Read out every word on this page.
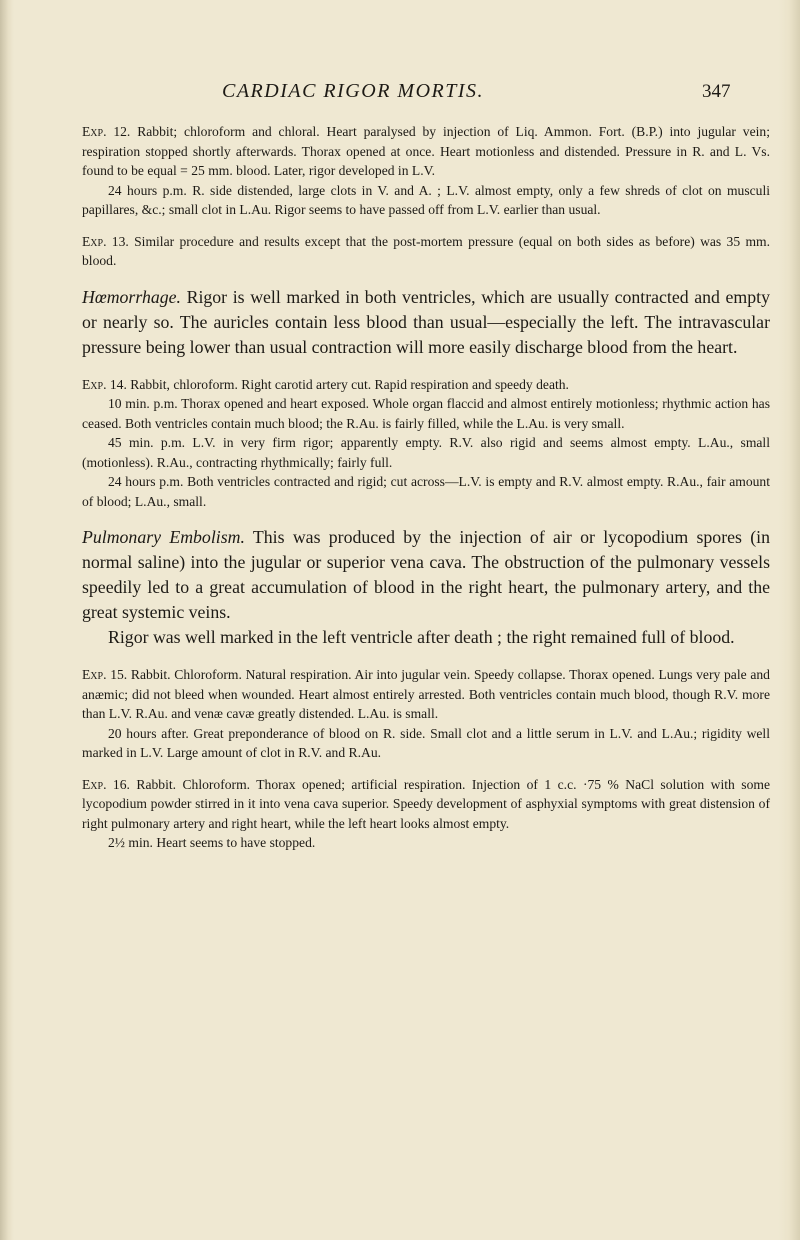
CARDIAC RIGOR MORTIS.	347

Exp. 12. Rabbit; chloroform and chloral. Heart paralysed by injection of Liq. Ammon. Fort. (B.P.) into jugular vein; respiration stopped shortly afterwards. Thorax opened at once. Heart motionless and distended. Pressure in R. and L. Vs. found to be equal = 25 mm. blood. Later, rigor developed in L.V.

24 hours p.m. R. side distended, large clots in V. and A. ; L.V. almost empty, only a few shreds of clot on musculi papillares, &c.; small clot in L.Au. Rigor seems to have passed off from L.V. earlier than usual.

Exp. 13. Similar procedure and results except that the post-mortem pressure (equal on both sides as before) was 35 mm. blood.

Hœmorrhage. Rigor is well marked in both ventricles, which are usually contracted and empty or nearly so. The auricles contain less blood than usual—especially the left. The intravascular pressure being lower than usual contraction will more easily discharge blood from the heart.

Exp. 14. Rabbit, chloroform. Right carotid artery cut. Rapid respiration and speedy death.

10 min. p.m. Thorax opened and heart exposed. Whole organ flaccid and almost entirely motionless; rhythmic action has ceased. Both ventricles contain much blood; the R.Au. is fairly filled, while the L.Au. is very small.

45 min. p.m. L.V. in very firm rigor; apparently empty. R.V. also rigid and seems almost empty. L.Au., small (motionless). R.Au., contracting rhythmically; fairly full.

24 hours p.m. Both ventricles contracted and rigid; cut across—L.V. is empty and R.V. almost empty. R.Au., fair amount of blood; L.Au., small.

Pulmonary Embolism. This was produced by the injection of air or lycopodium spores (in normal saline) into the jugular or superior vena cava. The obstruction of the pulmonary vessels speedily led to a great accumulation of blood in the right heart, the pulmonary artery, and the great systemic veins.

Rigor was well marked in the left ventricle after death ; the right remained full of blood.

Exp. 15. Rabbit. Chloroform. Natural respiration. Air into jugular vein. Speedy collapse. Thorax opened. Lungs very pale and anæmic; did not bleed when wounded. Heart almost entirely arrested. Both ventricles contain much blood, though R.V. more than L.V. R.Au. and venæ cavæ greatly distended. L.Au. is small.

20 hours after. Great preponderance of blood on R. side. Small clot and a little serum in L.V. and L.Au.; rigidity well marked in L.V. Large amount of clot in R.V. and R.Au.

Exp. 16. Rabbit. Chloroform. Thorax opened; artificial respiration. Injection of 1 c.c. ·75 % NaCl solution with some lycopodium powder stirred in it into vena cava superior. Speedy development of asphyxial symptoms with great distension of right pulmonary artery and right heart, while the left heart looks almost empty.

2½ min. Heart seems to have stopped.
